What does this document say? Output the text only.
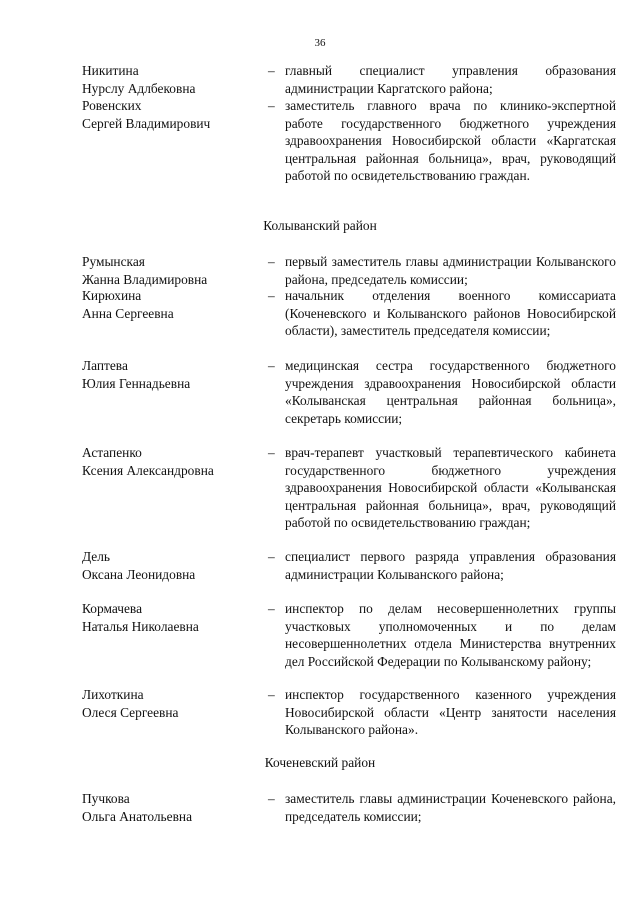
36
Никитина
Нурслу Адлбековна
– главный специалист управления образования администрации Каргатского района;
Ровенских
Сергей Владимирович
– заместитель главного врача по клинико-экспертной работе государственного бюджетного учреждения здравоохранения Новосибирской области «Каргатская центральная районная больница», врач, руководящий работой по освидетельствованию граждан.
Колыванский район
Румынская
Жанна Владимировна
– первый заместитель главы администрации Колыванского района, председатель комиссии;
Кирюхина
Анна Сергеевна
– начальник отделения военного комиссариата (Коченевского и Колыванского районов Новосибирской области), заместитель председателя комиссии;
Лаптева
Юлия Геннадьевна
– медицинская сестра государственного бюджетного учреждения здравоохранения Новосибирской области «Колыванская центральная районная больница», секретарь комиссии;
Астапенко
Ксения Александровна
– врач-терапевт участковый терапевтического кабинета государственного бюджетного учреждения здравоохранения Новосибирской области «Колыванская центральная районная больница», врач, руководящий работой по освидетельствованию граждан;
Дель
Оксана Леонидовна
– специалист первого разряда управления образования администрации Колыванского района;
Кормачева
Наталья Николаевна
– инспектор по делам несовершеннолетних группы участковых уполномоченных и по делам несовершеннолетних отдела Министерства внутренних дел Российской Федерации по Колыванскому району;
Лихоткина
Олеся Сергеевна
– инспектор государственного казенного учреждения Новосибирской области «Центр занятости населения Колыванского района».
Коченевский район
Пучкова
Ольга Анатольевна
– заместитель главы администрации Коченевского района, председатель комиссии;
